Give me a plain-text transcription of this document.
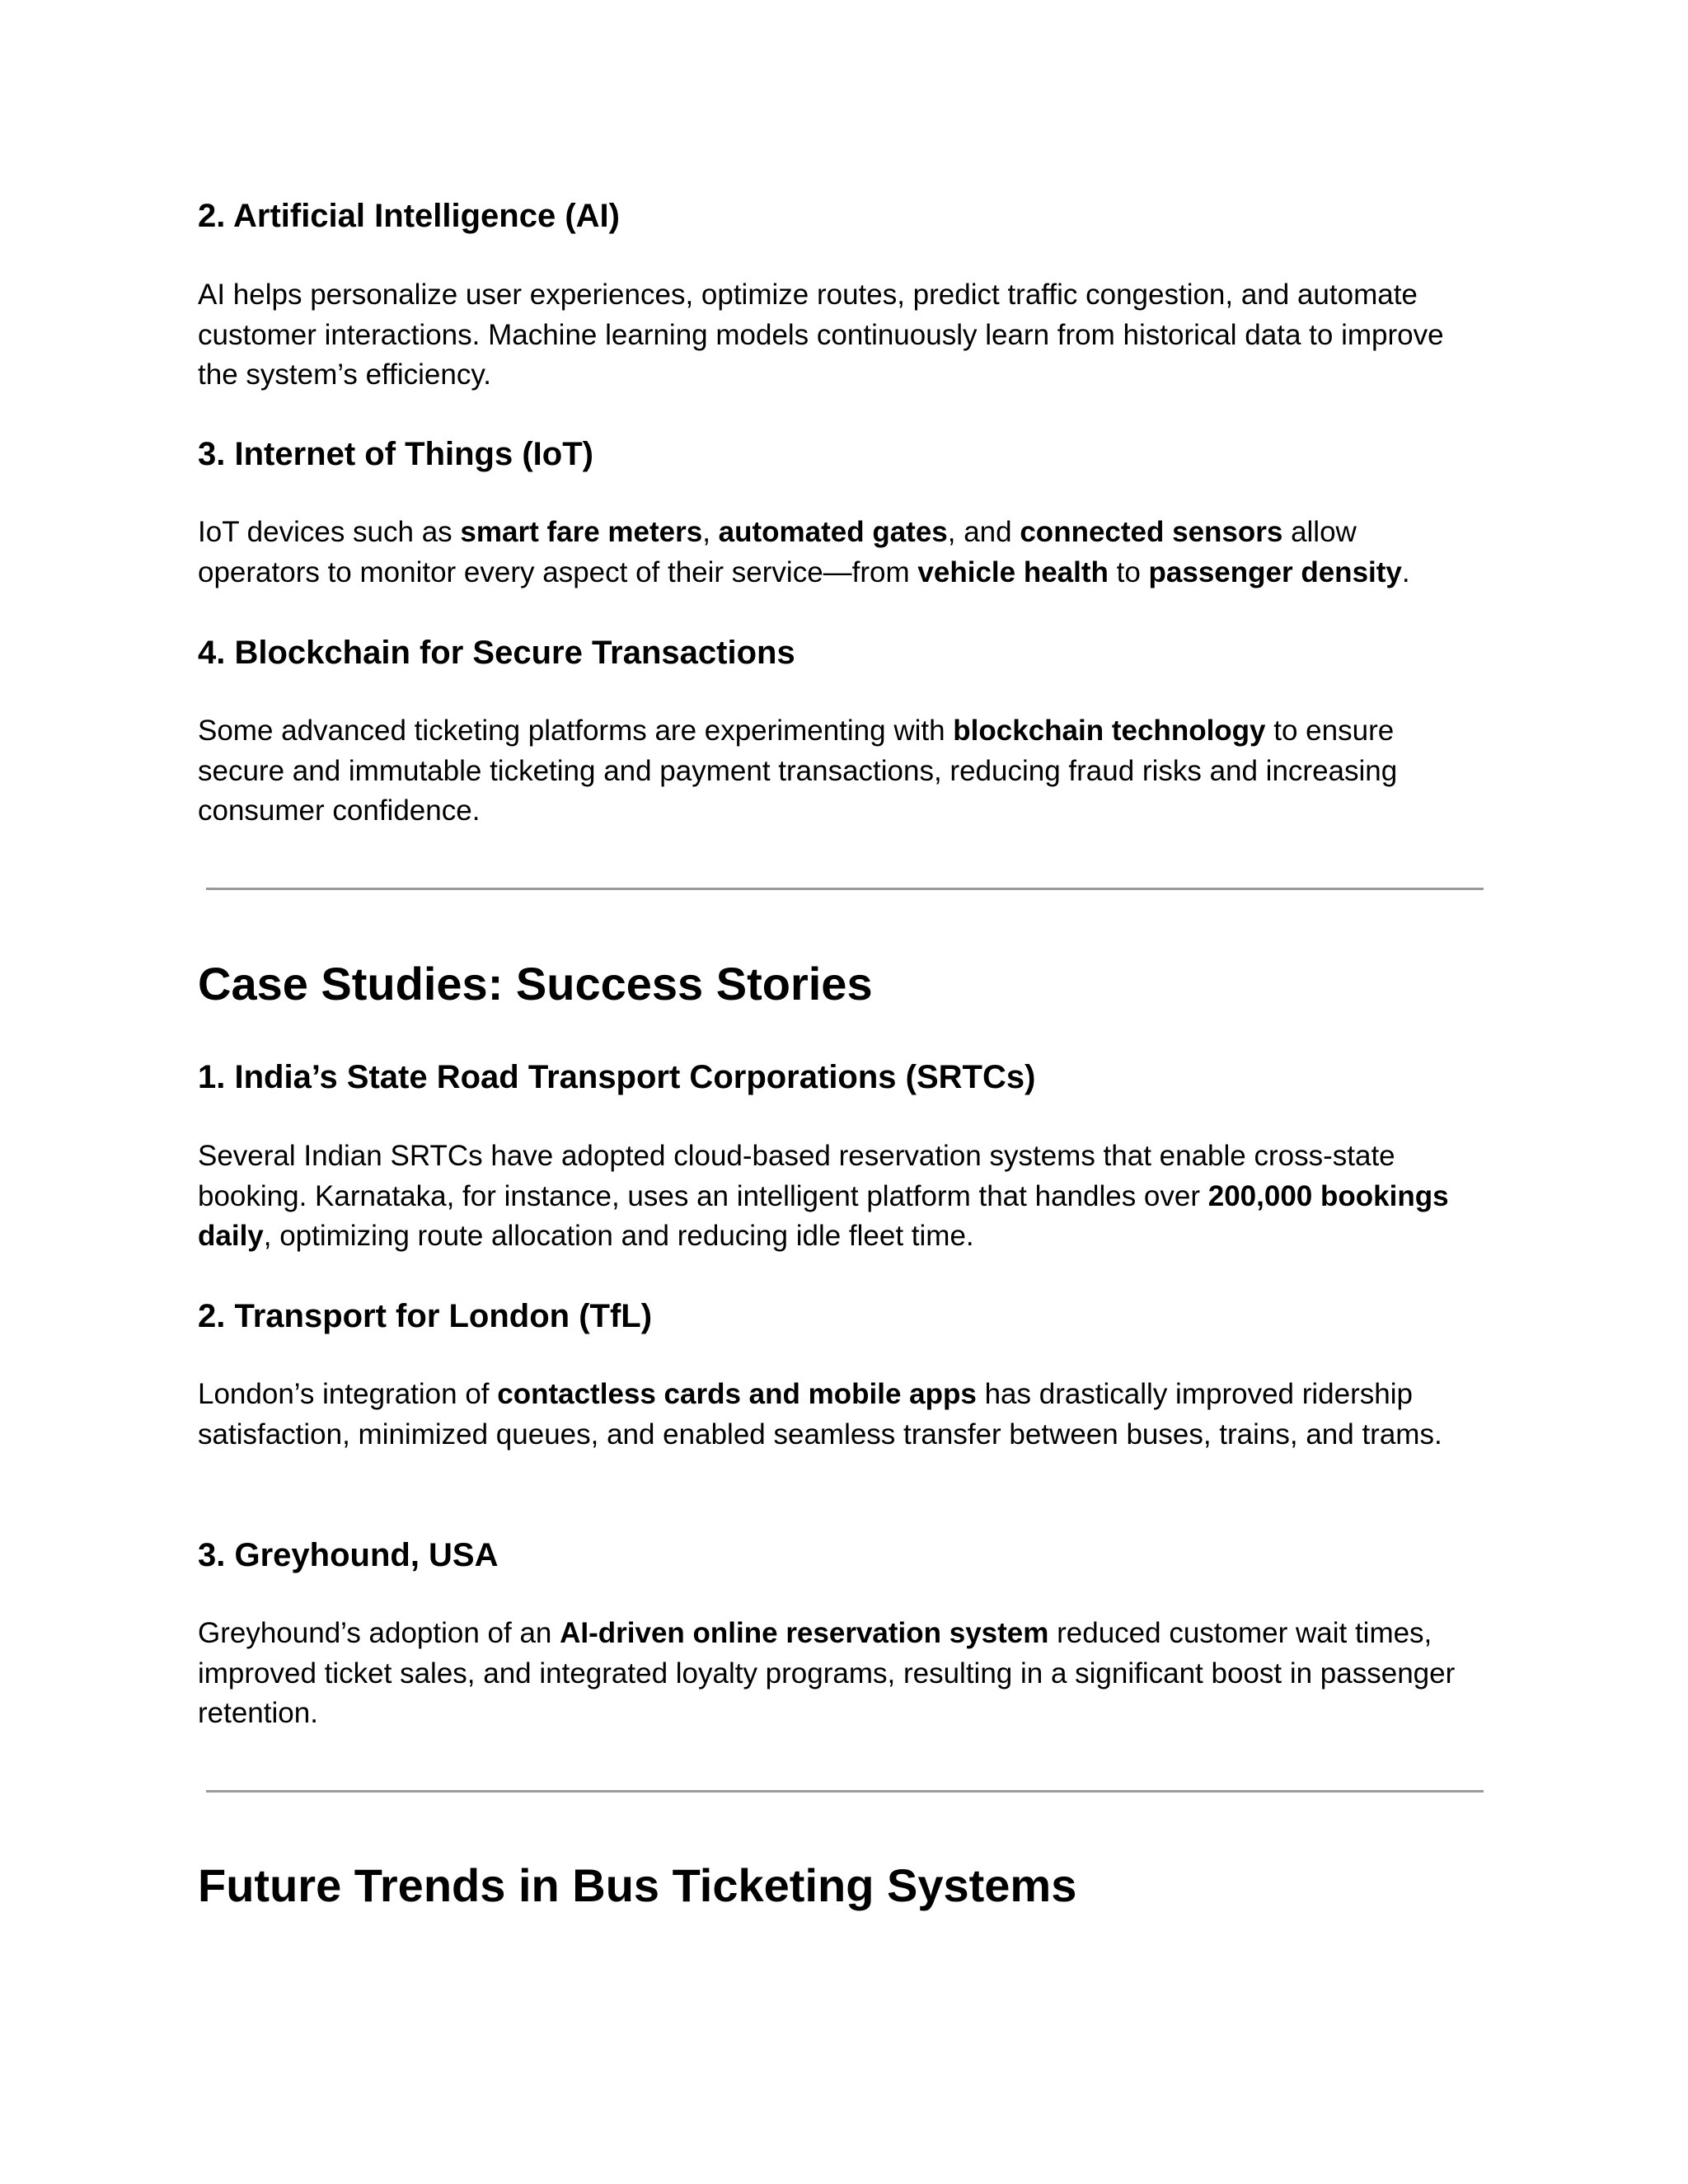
2. Artificial Intelligence (AI)

AI helps personalize user experiences, optimize routes, predict traffic congestion, and automate customer interactions. Machine learning models continuously learn from historical data to improve the system’s efficiency.

3. Internet of Things (IoT)

IoT devices such as smart fare meters, automated gates, and connected sensors allow operators to monitor every aspect of their service—from vehicle health to passenger density.

4. Blockchain for Secure Transactions

Some advanced ticketing platforms are experimenting with blockchain technology to ensure secure and immutable ticketing and payment transactions, reducing fraud risks and increasing consumer confidence.

Case Studies: Success Stories
1. India’s State Road Transport Corporations (SRTCs)

Several Indian SRTCs have adopted cloud-based reservation systems that enable cross-state booking. Karnataka, for instance, uses an intelligent platform that handles over 200,000 bookings daily, optimizing route allocation and reducing idle fleet time.

2. Transport for London (TfL)

London’s integration of contactless cards and mobile apps has drastically improved ridership satisfaction, minimized queues, and enabled seamless transfer between buses, trains, and trams.

3. Greyhound, USA

Greyhound’s adoption of an AI-driven online reservation system reduced customer wait times, improved ticket sales, and integrated loyalty programs, resulting in a significant boost in passenger retention.

Future Trends in Bus Ticketing Systems
